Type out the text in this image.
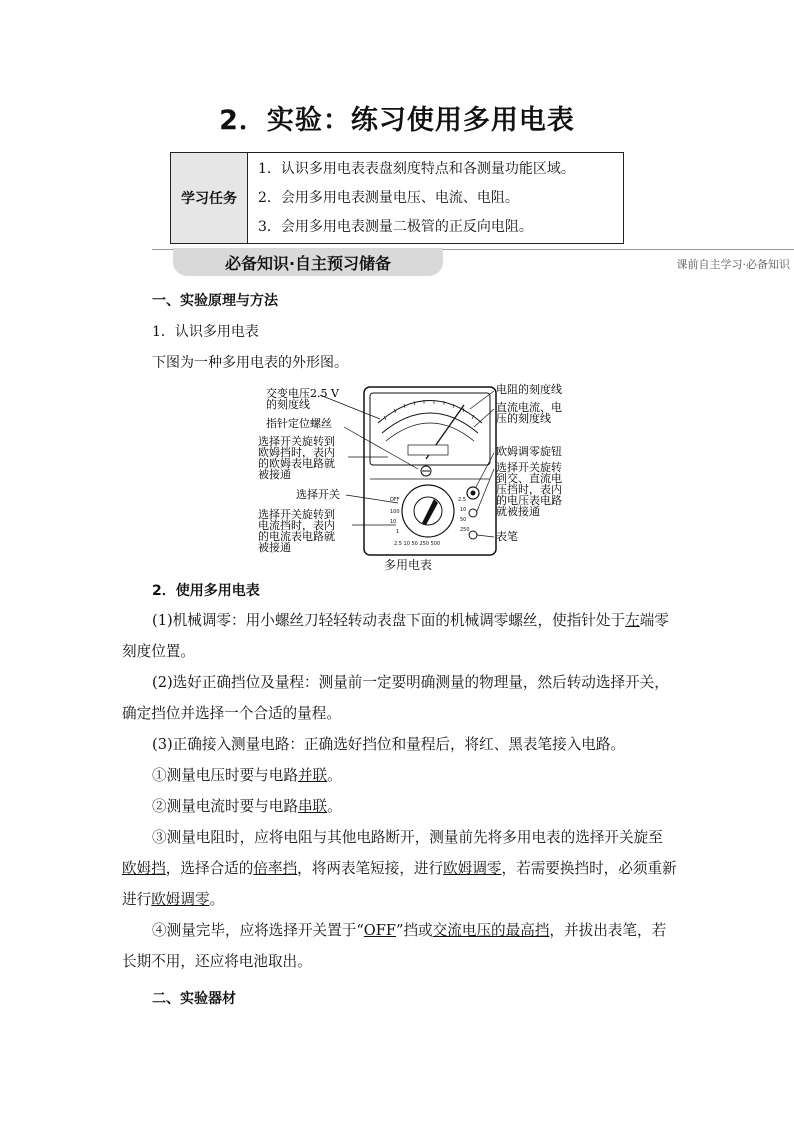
2．实验：练习使用多用电表
学习任务
1．认识多用电表表盘刻度特点和各测量功能区域。
2．会用多用电表测量电压、电流、电阻。
3．会用多用电表测量二极管的正反向电阻。
必备知识·自主预习储备	课前自主学习·必备知识
一、实验原理与方法
1．认识多用电表
下图为一种多用电表的外形图。
OFF
100
10
1
2.5
10
50
250
2.5 10 50 250 500
交变电压2.5 V
的刻度线
指针定位螺丝
选择开关旋转到
欧姆挡时，表内
的欧姆表电路就
被接通
选择开关
选择开关旋转到
电流挡时，表内
的电流表电路就
被接通
电阻的刻度线
直流电流、电
压的刻度线
欧姆调零旋钮
选择开关旋转
到交、直流电
压挡时，表内
的电压表电路
就被接通
表笔
多用电表
2．使用多用电表
(1)机械调零：用小螺丝刀轻轻转动表盘下面的机械调零螺丝，使指针处于左端零刻度位置。
(2)选好正确挡位及量程：测量前一定要明确测量的物理量，然后转动选择开关，确定挡位并选择一个合适的量程。
(3)正确接入测量电路：正确选好挡位和量程后，将红、黑表笔接入电路。
①测量电压时要与电路并联。
②测量电流时要与电路串联。
③测量电阻时，应将电阻与其他电路断开，测量前先将多用电表的选择开关旋至欧姆挡，选择合适的倍率挡，将两表笔短接，进行欧姆调零，若需要换挡时，必须重新进行欧姆调零。
④测量完毕，应将选择开关置于“OFF”挡或交流电压的最高挡，并拔出表笔，若长期不用，还应将电池取出。
二、实验器材
